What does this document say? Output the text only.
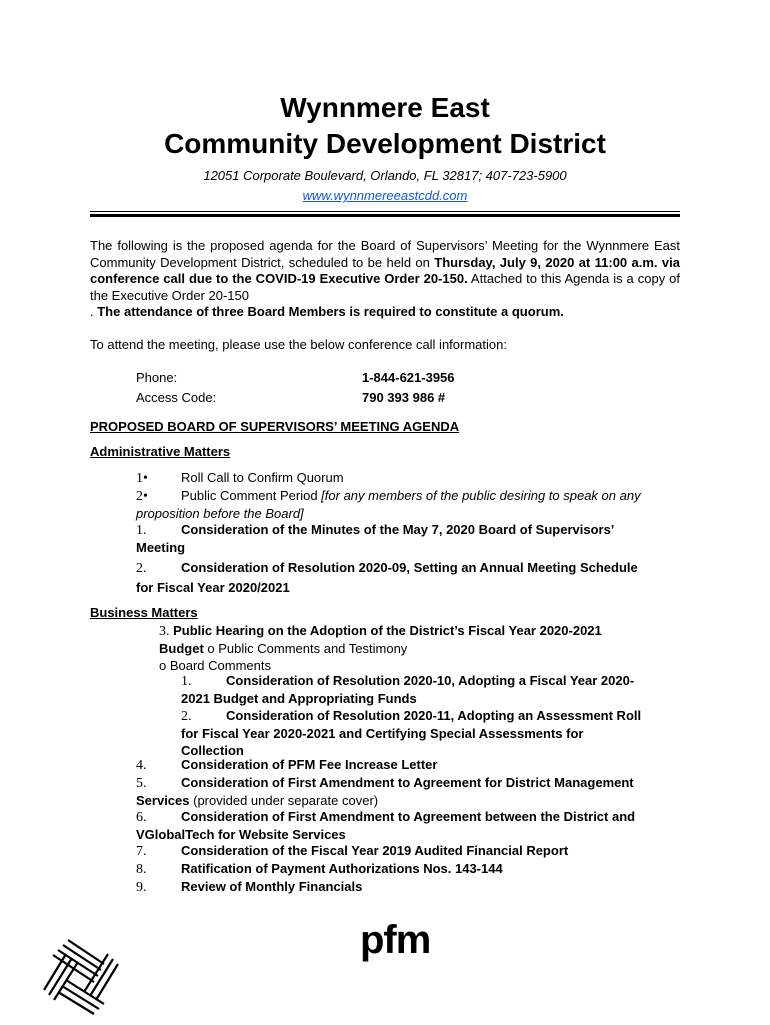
Wynnmere East
Community Development District
12051 Corporate Boulevard, Orlando, FL 32817; 407-723-5900
www.wynnmereeastcdd.com
The following is the proposed agenda for the Board of Supervisors’ Meeting for the Wynnmere East Community Development District, scheduled to be held on Thursday, July 9, 2020 at 11:00 a.m. via conference call due to the COVID-19 Executive Order 20-150. Attached to this Agenda is a copy of the Executive Order 20-150
. The attendance of three Board Members is required to constitute a quorum.
To attend the meeting, please use the below conference call information:
Phone:	1-844-621-3956
Access Code:	790 393 986 #
PROPOSED BOARD OF SUPERVISORS’ MEETING AGENDA
Administrative Matters
1•	Roll Call to Confirm Quorum
2•	Public Comment Period [for any members of the public desiring to speak on any
proposition before the Board]
1.	Consideration of the Minutes of the May 7, 2020 Board of Supervisors’
Meeting
2.	Consideration of Resolution 2020-09, Setting an Annual Meeting Schedule
for Fiscal Year 2020/2021
Business Matters
3. Public Hearing on the Adoption of the District’s Fiscal Year 2020-2021
Budget o Public Comments and Testimony
o Board Comments
1.	Consideration of Resolution 2020-10, Adopting a Fiscal Year 2020-
2021 Budget and Appropriating Funds
2.	Consideration of Resolution 2020-11, Adopting an Assessment Roll
for Fiscal Year 2020-2021 and Certifying Special Assessments for
Collection
4.	Consideration of PFM Fee Increase Letter
5.	Consideration of First Amendment to Agreement for District Management
Services (provided under separate cover)
6.	Consideration of First Amendment to Agreement between the District and
VGlobalTech for Website Services
7.	Consideration of the Fiscal Year 2019 Audited Financial Report
8.	Ratification of Payment Authorizations Nos. 143-144
9.	Review of Monthly Financials
pfm
